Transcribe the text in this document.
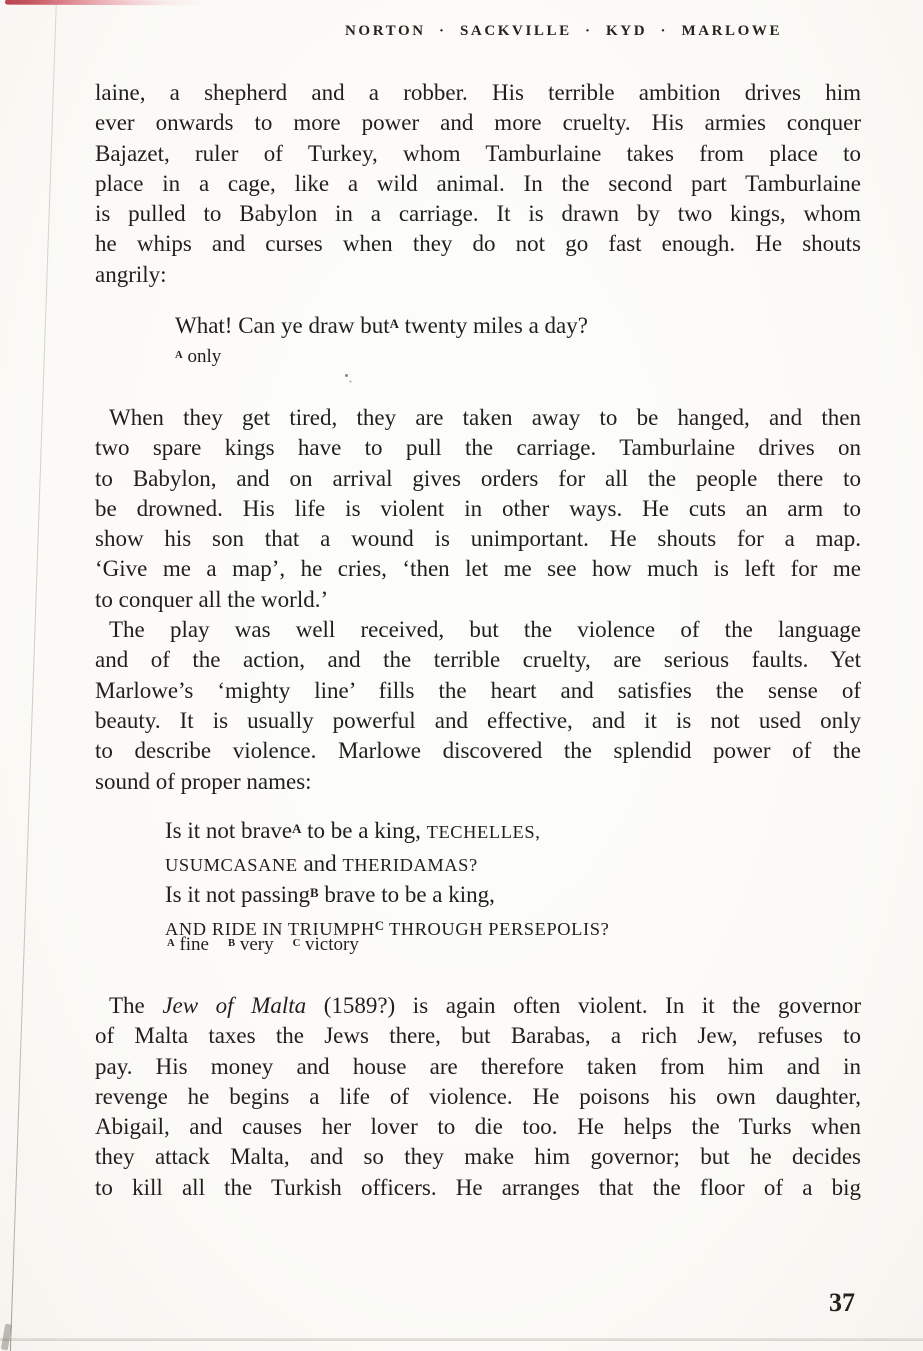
NORTON · SACKVILLE · KYD · MARLOWE
laine, a shepherd and a robber. His terrible ambition drives him
ever onwards to more power and more cruelty. His armies conquer
Bajazet, ruler of Turkey, whom Tamburlaine takes from place to
place in a cage, like a wild animal. In the second part Tamburlaine
is pulled to Babylon in a carriage. It is drawn by two kings, whom
he whips and curses when they do not go fast enough. He shouts
angrily:
What! Can ye draw but$^A$ twenty miles a day?
$^A$ only
When they get tired, they are taken away to be hanged, and then
two spare kings have to pull the carriage. Tamburlaine drives on
to Babylon, and on arrival gives orders for all the people there to
be drowned. His life is violent in other ways. He cuts an arm to
show his son that a wound is unimportant. He shouts for a map.
‘Give me a map’, he cries, ‘then let me see how much is left for me
to conquer all the world.’
The play was well received, but the violence of the language
and of the action, and the terrible cruelty, are serious faults. Yet
Marlowe’s ‘mighty line’ fills the heart and satisfies the sense of
beauty. It is usually powerful and effective, and it is not used only
to describe violence. Marlowe discovered the splendid power of the
sound of proper names:
Is it not brave$^A$ to be a king, TECHELLES,
USUMCASANE and THERIDAMAS?
Is it not passing$^B$ brave to be a king,
AND RIDE IN $TRIUMPH^C$ THROUGH PERSEPOLIS?
$^A$ fine $^B$ very $^C$ victory
The Jew of Malta (1589?) is again often violent. In it the governor
of Malta taxes the Jews there, but Barabas, a rich Jew, refuses to
pay. His money and house are therefore taken from him and in
revenge he begins a life of violence. He poisons his own daughter,
Abigail, and causes her lover to die too. He helps the Turks when
they attack Malta, and so they make him governor; but he decides
to kill all the Turkish officers. He arranges that the floor of a big
37
